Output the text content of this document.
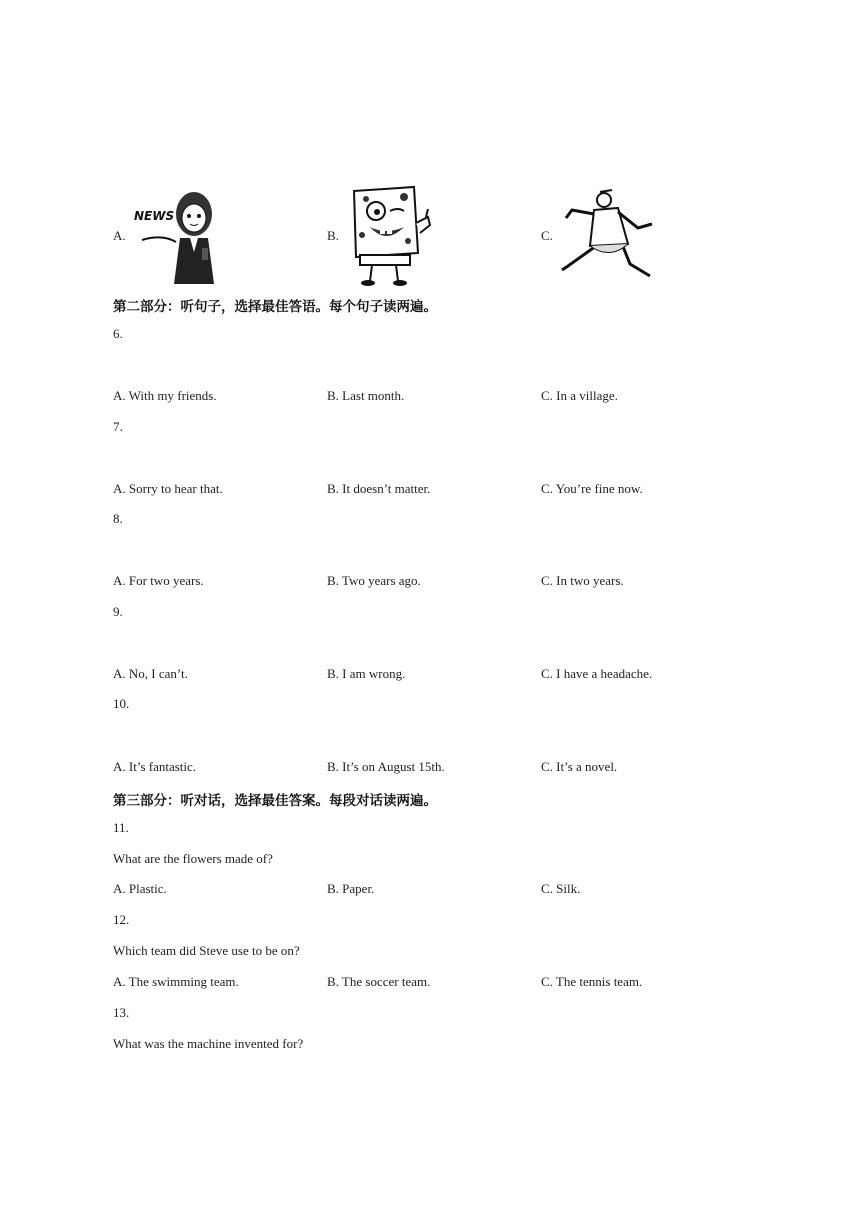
A.
NEWS
B.	C.
第二部分：听句子，选择最佳答语。每个句子读两遍。
6.
A. With my friends.	B. Last month.	C. In a village.
7.
A. Sorry to hear that.	B. It doesn’t matter.	C. You’re fine now.
8.
A. For two years.	B. Two years ago.	C. In two years.
9.
A. No, I can’t.	B. I am wrong.	C. I have a headache.
10.
A. It’s fantastic.	B. It’s on August 15th.	C. It’s a novel.
第三部分：听对话，选择最佳答案。每段对话读两遍。
11.
What are the flowers made of?
A. Plastic.	B. Paper.	C. Silk.
12.
Which team did Steve use to be on?
A. The swimming team.	B. The soccer team.	C. The tennis team.
13.
What was the machine invented for?
